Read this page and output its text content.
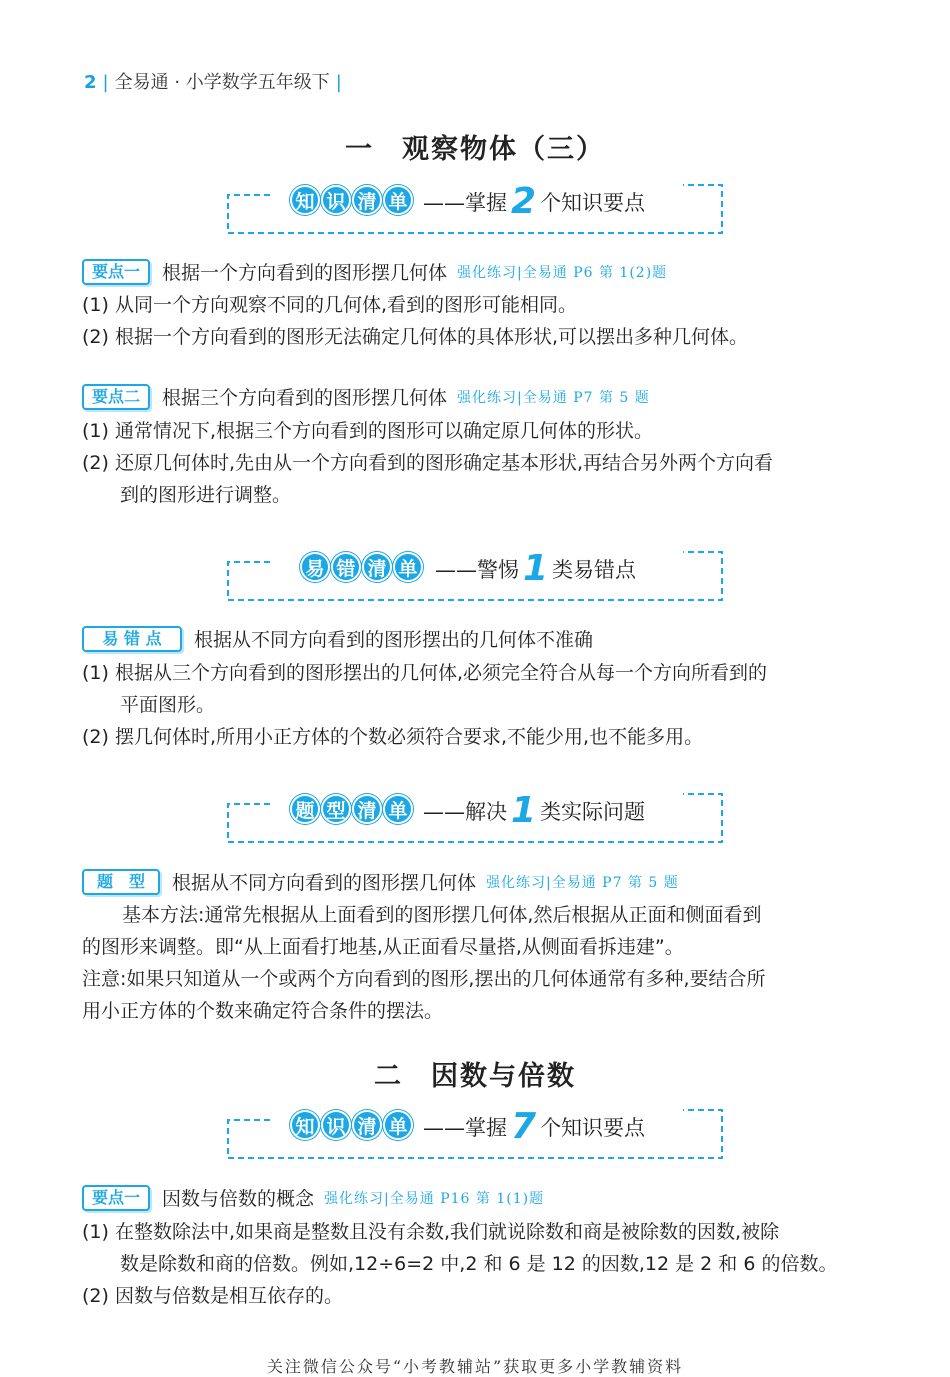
2 | 全易通 · 小学数学五年级下 |
一 观察物体（三）
知 识 清 单 ——掌握 2 个知识要点
要点一	根据一个方向看到的图形摆几何体 强化练习|全易通 P6 第 1(2)题
(1) 从同一个方向观察不同的几何体,看到的图形可能相同。
(2) 根据一个方向看到的图形无法确定几何体的具体形状,可以摆出多种几何体。
要点二	根据三个方向看到的图形摆几何体 强化练习|全易通 P7 第 5 题
(1) 通常情况下,根据三个方向看到的图形可以确定原几何体的形状。
(2) 还原几何体时,先由从一个方向看到的图形确定基本形状,再结合另外两个方向看
到的图形进行调整。
易 错 清 单 ——警惕 1 类易错点
易 错 点	根据从不同方向看到的图形摆出的几何体不准确
(1) 根据从三个方向看到的图形摆出的几何体,必须完全符合从每一个方向所看到的
平面图形。
(2) 摆几何体时,所用小正方体的个数必须符合要求,不能少用,也不能多用。
题 型 清 单 ——解决 1 类实际问题
题　型	根据从不同方向看到的图形摆几何体 强化练习|全易通 P7 第 5 题
基本方法:通常先根据从上面看到的图形摆几何体,然后根据从正面和侧面看到
的图形来调整。即“从上面看打地基,从正面看尽量搭,从侧面看拆违建”。
注意:如果只知道从一个或两个方向看到的图形,摆出的几何体通常有多种,要结合所
用小正方体的个数来确定符合条件的摆法。
二 因数与倍数
知 识 清 单 ——掌握 7 个知识要点
要点一	因数与倍数的概念 强化练习|全易通 P16 第 1(1)题
(1) 在整数除法中,如果商是整数且没有余数,我们就说除数和商是被除数的因数,被除
数是除数和商的倍数。例如,12÷6=2 中,2 和 6 是 12 的因数,12 是 2 和 6 的倍数。
(2) 因数与倍数是相互依存的。
关注微信公众号“小考教辅站”获取更多小学教辅资料
